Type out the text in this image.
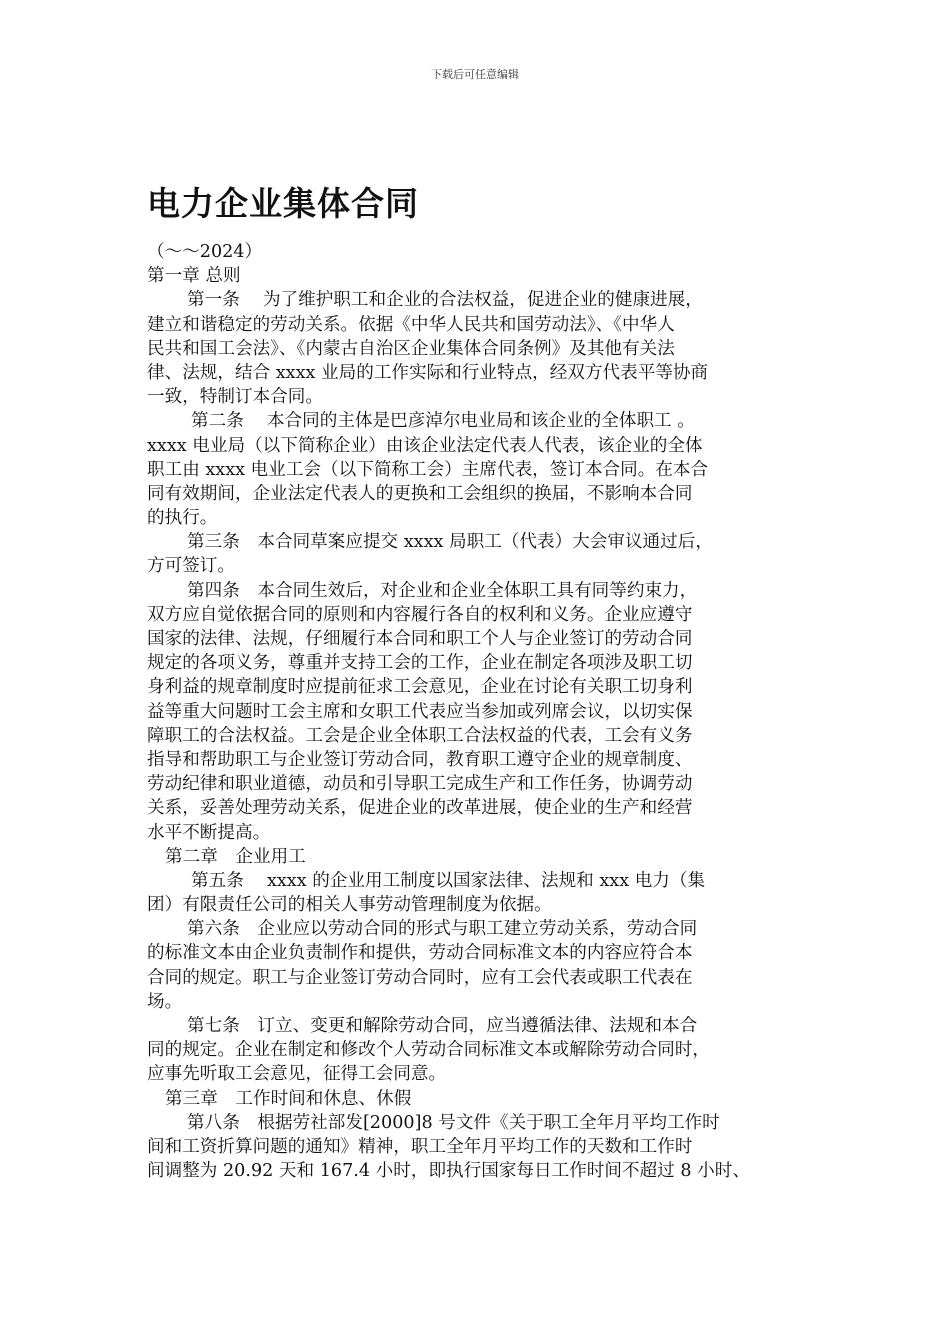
下载后可任意编辑
电力企业集体合同
（～～2024）
第一章 总则
第一条　 为了维护职工和企业的合法权益，促进企业的健康进展，
建立和谐稳定的劳动关系。依据《中华人民共和国劳动法》、《中华人
民共和国工会法》、《内蒙古自治区企业集体合同条例》及其他有关法
律、法规，结合 xxxx 业局的工作实际和行业特点，经双方代表平等协商
一致，特制订本合同。
第二条　 本合同的主体是巴彦淖尔电业局和该企业的全体职工 。
xxxx 电业局（以下简称企业）由该企业法定代表人代表，该企业的全体
职工由 xxxx 电业工会（以下简称工会）主席代表，签订本合同。在本合
同有效期间，企业法定代表人的更换和工会组织的换届，不影响本合同
的执行。
第三条　本合同草案应提交 xxxx 局职工（代表）大会审议通过后，
方可签订。
第四条　本合同生效后，对企业和企业全体职工具有同等约束力，
双方应自觉依据合同的原则和内容履行各自的权利和义务。企业应遵守
国家的法律、法规，仔细履行本合同和职工个人与企业签订的劳动合同
规定的各项义务，尊重并支持工会的工作，企业在制定各项涉及职工切
身利益的规章制度时应提前征求工会意见，企业在讨论有关职工切身利
益等重大问题时工会主席和女职工代表应当参加或列席会议，以切实保
障职工的合法权益。工会是企业全体职工合法权益的代表，工会有义务
指导和帮助职工与企业签订劳动合同，教育职工遵守企业的规章制度、
劳动纪律和职业道德，动员和引导职工完成生产和工作任务，协调劳动
关系，妥善处理劳动关系，促进企业的改革进展，使企业的生产和经营
水平不断提高。
第二章　企业用工
第五条　 xxxx 的企业用工制度以国家法律、法规和 xxx 电力（集
团）有限责任公司的相关人事劳动管理制度为依据。
第六条　企业应以劳动合同的形式与职工建立劳动关系，劳动合同
的标准文本由企业负责制作和提供，劳动合同标准文本的内容应符合本
合同的规定。职工与企业签订劳动合同时，应有工会代表或职工代表在
场。
第七条　订立、变更和解除劳动合同，应当遵循法律、法规和本合
同的规定。企业在制定和修改个人劳动合同标准文本或解除劳动合同时，
应事先听取工会意见，征得工会同意。
第三章　工作时间和休息、休假
第八条　根据劳社部发[2000]8 号文件《关于职工全年月平均工作时
间和工资折算问题的通知》精神，职工全年月平均工作的天数和工作时
间调整为 20.92 天和 167.4 小时，即执行国家每日工作时间不超过 8 小时、
